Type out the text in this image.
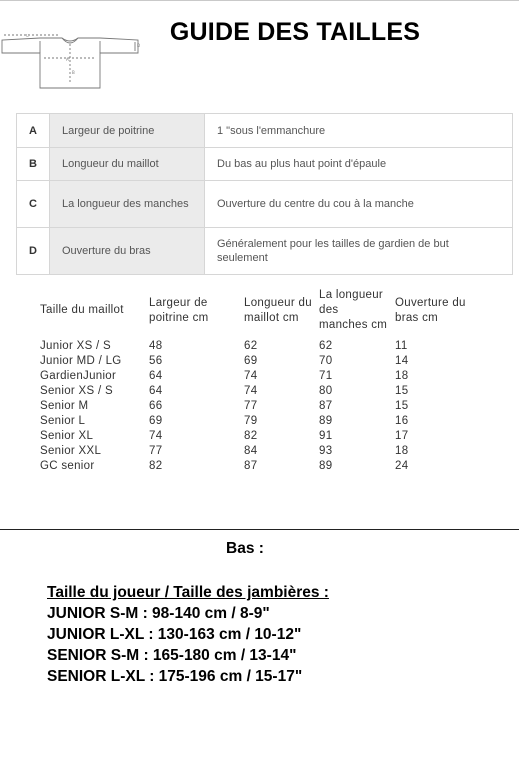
A
B
C
D	GUIDE DES TAILLES
A	Largeur de poitrine	1 "sous l'emmanchure
B	Longueur du maillot	Du bas au plus haut point d'épaule
C	La longueur des manches	Ouverture du centre du cou à la manche
D	Ouverture du bras	Généralement pour les tailles de gardien de but seulement
Taille du maillot	Largeur de poitrine cm	Longueur du maillot cm	La longueur des manches cm	Ouverture du bras cm
Junior XS / S	48	62	62	11
Junior MD / LG	56	69	70	14
GardienJunior	64	74	71	18
Senior XS / S	64	74	80	15
Senior M	66	77	87	15
Senior L	69	79	89	16
Senior XL	74	82	91	17
Senior XXL	77	84	93	18
GC senior	82	87	89	24
Bas :
Taille du joueur / Taille des jambières :
JUNIOR S-M : 98-140 cm / 8-9"
JUNIOR L-XL : 130-163 cm / 10-12"
SENIOR S-M : 165-180 cm / 13-14"
SENIOR L-XL : 175-196 cm / 15-17"
